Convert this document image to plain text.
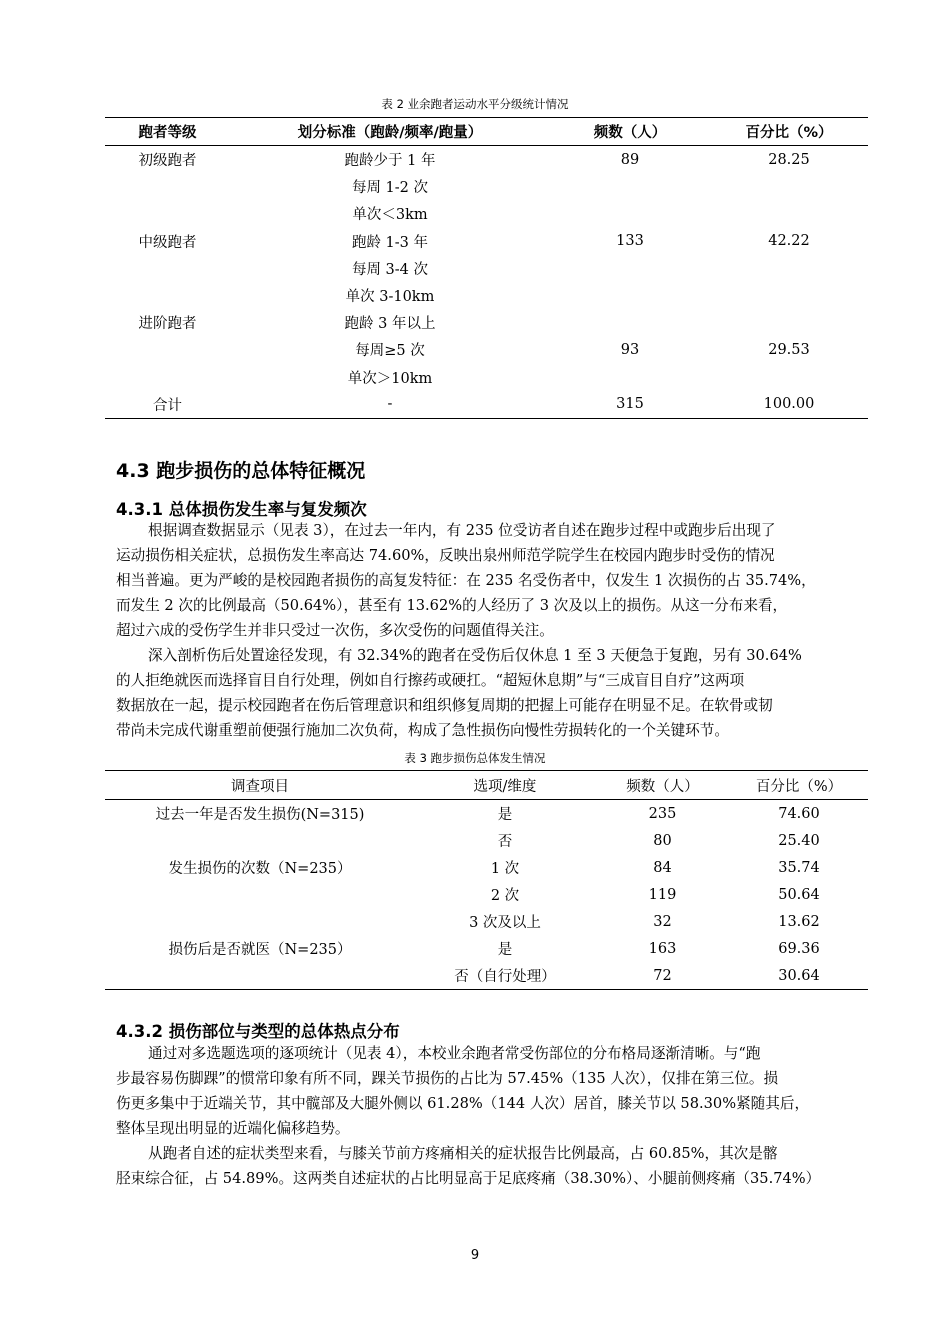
表 2 业余跑者运动水平分级统计情况
跑者等级	划分标准（跑龄/频率/跑量）	频数（人）	百分比（%）
初级跑者	跑龄少于 1 年	89	28.25
	每周 1-2 次		
	单次＜3km		
中级跑者	跑龄 1-3 年	133	42.22
	每周 3-4 次		
	单次 3-10km		
进阶跑者	跑龄 3 年以上		
	每周≥5 次	93	29.53
	单次＞10km		
合计	-	315	100.00
4.3 跑步损伤的总体特征概况
4.3.1 总体损伤发生率与复发频次
根据调查数据显示（见表 3），在过去一年内，有 235 位受访者自述在跑步过程中或跑步后出现了
运动损伤相关症状，总损伤发生率高达 74.60%，反映出泉州师范学院学生在校园内跑步时受伤的情况
相当普遍。更为严峻的是校园跑者损伤的高复发特征：在 235 名受伤者中，仅发生 1 次损伤的占 35.74%，
而发生 2 次的比例最高（50.64%），甚至有 13.62%的人经历了 3 次及以上的损伤。从这一分布来看，
超过六成的受伤学生并非只受过一次伤，多次受伤的问题值得关注。
深入剖析伤后处置途径发现，有 32.34%的跑者在受伤后仅休息 1 至 3 天便急于复跑，另有 30.64%
的人拒绝就医而选择盲目自行处理，例如自行擦药或硬扛。“超短休息期”与“三成盲目自疗”这两项
数据放在一起，提示校园跑者在伤后管理意识和组织修复周期的把握上可能存在明显不足。在软骨或韧
带尚未完成代谢重塑前便强行施加二次负荷，构成了急性损伤向慢性劳损转化的一个关键环节。
表 3 跑步损伤总体发生情况
调查项目	选项/维度	频数（人）	百分比（%）
过去一年是否发生损伤(N=315)	是	235	74.60
	否	80	25.40
发生损伤的次数（N=235）	1 次	84	35.74
	2 次	119	50.64
	3 次及以上	32	13.62
损伤后是否就医（N=235）	是	163	69.36
	否（自行处理）	72	30.64
4.3.2 损伤部位与类型的总体热点分布
通过对多选题选项的逐项统计（见表 4），本校业余跑者常受伤部位的分布格局逐渐清晰。与“跑
步最容易伤脚踝”的惯常印象有所不同，踝关节损伤的占比为 57.45%（135 人次），仅排在第三位。损
伤更多集中于近端关节，其中髋部及大腿外侧以 61.28%（144 人次）居首，膝关节以 58.30%紧随其后，
整体呈现出明显的近端化偏移趋势。
从跑者自述的症状类型来看，与膝关节前方疼痛相关的症状报告比例最高，占 60.85%，其次是髂
胫束综合征，占 54.89%。这两类自述症状的占比明显高于足底疼痛（38.30%）、小腿前侧疼痛（35.74%）
9
